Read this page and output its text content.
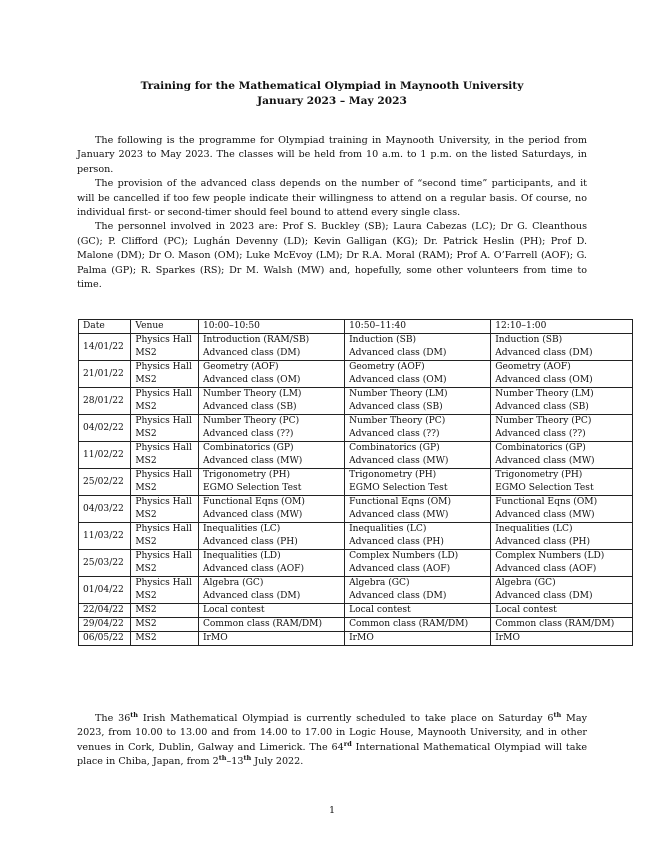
Training for the Mathematical Olympiad in Maynooth University
January 2023 – May 2023

The following is the programme for Olympiad training in Maynooth University, in the period from January 2023 to May 2023. The classes will be held from 10 a.m. to 1 p.m. on the listed Saturdays, in person.

The provision of the advanced class depends on the number of “second time” participants, and it will be cancelled if too few people indicate their willingness to attend on a regular basis. Of course, no individual first- or second-timer should feel bound to attend every single class.

The personnel involved in 2023 are: Prof S. Buckley (SB); Laura Cabezas (LC); Dr G. Cleanthous (GC); P. Clifford (PC); Lughán Devenny (LD); Kevin Galligan (KG); Dr. Patrick Heslin (PH); Prof D. Malone (DM); Dr O. Mason (OM); Luke McEvoy (LM); Dr R.A. Moral (RAM); Prof A. O’Farrell (AOF); G. Palma (GP); R. Sparkes (RS); Dr M. Walsh (MW) and, hopefully, some other volunteers from time to time.

Date	Venue	10:00–10:50	10:50–11:40	12:10–1:00
14/01/22	Physics Hall	Introduction (RAM/SB)	Induction (SB)	Induction (SB)
	MS2	Advanced class (DM)	Advanced class (DM)	Advanced class (DM)
21/01/22	Physics Hall	Geometry (AOF)	Geometry (AOF)	Geometry (AOF)
	MS2	Advanced class (OM)	Advanced class (OM)	Advanced class (OM)
28/01/22	Physics Hall	Number Theory (LM)	Number Theory (LM)	Number Theory (LM)
	MS2	Advanced class (SB)	Advanced class (SB)	Advanced class (SB)
04/02/22	Physics Hall	Number Theory (PC)	Number Theory (PC)	Number Theory (PC)
	MS2	Advanced class (??)	Advanced class (??)	Advanced class (??)
11/02/22	Physics Hall	Combinatorics (GP)	Combinatorics (GP)	Combinatorics (GP)
	MS2	Advanced class (MW)	Advanced class (MW)	Advanced class (MW)
25/02/22	Physics Hall	Trigonometry (PH)	Trigonometry (PH)	Trigonometry (PH)
	MS2	EGMO Selection Test	EGMO Selection Test	EGMO Selection Test
04/03/22	Physics Hall	Functional Eqns (OM)	Functional Eqns (OM)	Functional Eqns (OM)
	MS2	Advanced class (MW)	Advanced class (MW)	Advanced class (MW)
11/03/22	Physics Hall	Inequalities (LC)	Inequalities (LC)	Inequalities (LC)
	MS2	Advanced class (PH)	Advanced class (PH)	Advanced class (PH)
25/03/22	Physics Hall	Inequalities (LD)	Complex Numbers (LD)	Complex Numbers (LD)
	MS2	Advanced class (AOF)	Advanced class (AOF)	Advanced class (AOF)
01/04/22	Physics Hall	Algebra (GC)	Algebra (GC)	Algebra (GC)
	MS2	Advanced class (DM)	Advanced class (DM)	Advanced class (DM)
22/04/22	MS2	Local contest	Local contest	Local contest
29/04/22	MS2	Common class (RAM/DM)	Common class (RAM/DM)	Common class (RAM/DM)
06/05/22	MS2	IrMO	IrMO	IrMO

The 36th Irish Mathematical Olympiad is currently scheduled to take place on Saturday 6th May 2023, from 10.00 to 13.00 and from 14.00 to 17.00 in Logic House, Maynooth University, and in other venues in Cork, Dublin, Galway and Limerick. The 64rd International Mathematical Olympiad will take place in Chiba, Japan, from 2th–13th July 2022.

1
